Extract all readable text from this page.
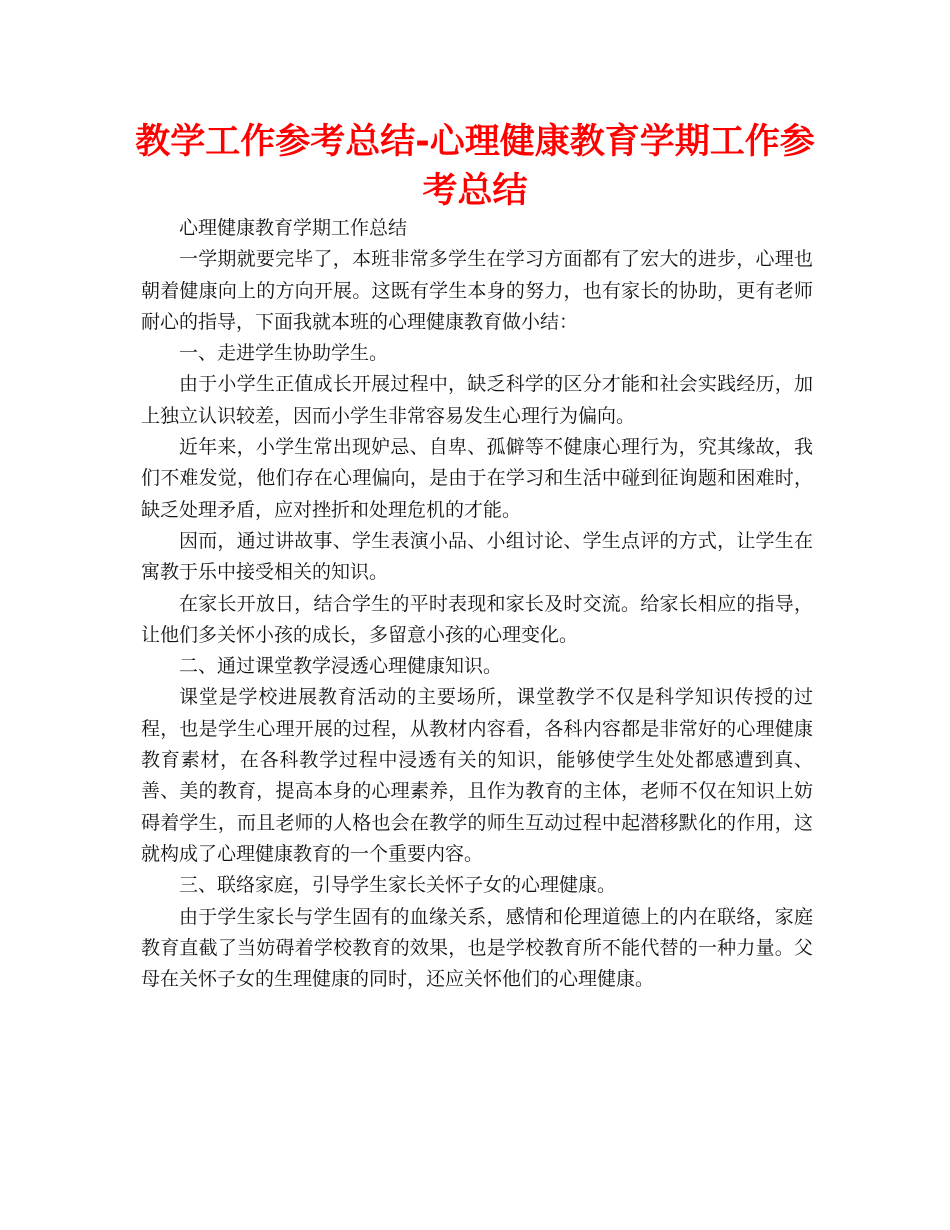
教学工作参考总结-心理健康教育学期工作参考总结

心理健康教育学期工作总结

一学期就要完毕了，本班非常多学生在学习方面都有了宏大的进步，心理也朝着健康向上的方向开展。这既有学生本身的努力，也有家长的协助，更有老师耐心的指导，下面我就本班的心理健康教育做小结：

一、走进学生协助学生。

由于小学生正值成长开展过程中，缺乏科学的区分才能和社会实践经历，加上独立认识较差，因而小学生非常容易发生心理行为偏向。

近年来，小学生常出现妒忌、自卑、孤僻等不健康心理行为，究其缘故，我们不难发觉，他们存在心理偏向，是由于在学习和生活中碰到征询题和困难时，缺乏处理矛盾，应对挫折和处理危机的才能。

因而，通过讲故事、学生表演小品、小组讨论、学生点评的方式，让学生在寓教于乐中接受相关的知识。

在家长开放日，结合学生的平时表现和家长及时交流。给家长相应的指导，让他们多关怀小孩的成长，多留意小孩的心理变化。

二、通过课堂教学浸透心理健康知识。

课堂是学校进展教育活动的主要场所，课堂教学不仅是科学知识传授的过程，也是学生心理开展的过程，从教材内容看，各科内容都是非常好的心理健康教育素材，在各科教学过程中浸透有关的知识，能够使学生处处都感遭到真、善、美的教育，提高本身的心理素养，且作为教育的主体，老师不仅在知识上妨碍着学生，而且老师的人格也会在教学的师生互动过程中起潜移默化的作用，这就构成了心理健康教育的一个重要内容。

三、联络家庭，引导学生家长关怀子女的心理健康。

由于学生家长与学生固有的血缘关系，感情和伦理道德上的内在联络，家庭教育直截了当妨碍着学校教育的效果，也是学校教育所不能代替的一种力量。父母在关怀子女的生理健康的同时，还应关怀他们的心理健康。
